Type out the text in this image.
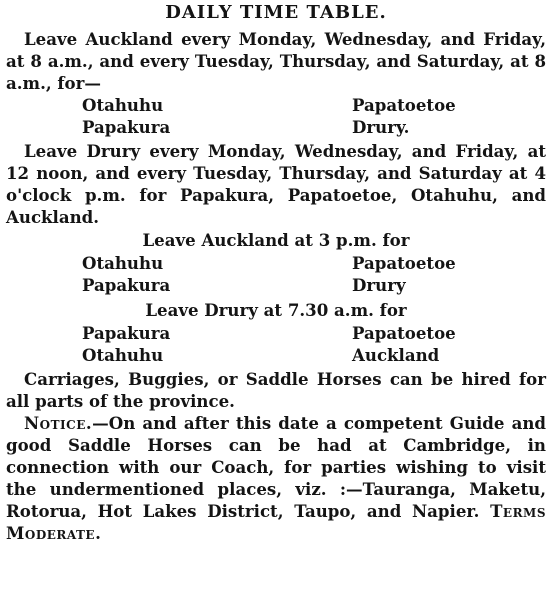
DAILY TIME TABLE.

Leave Auckland every Monday, Wednesday, and Friday, at 8 a.m., and every Tuesday, Thursday, and Saturday, at 8 a.m., for—

Otahuhu	Papatoetoe
Papakura	Drury.

Leave Drury every Monday, Wednesday, and Friday, at 12 noon, and every Tuesday, Thursday, and Saturday at 4 o'clock p.m. for Papakura, Papatoetoe, Otahuhu, and Auckland.

Leave Auckland at 3 p.m. for
Otahuhu	Papatoetoe
Papakura	Drury
Leave Drury at 7.30 a.m. for
Papakura	Papatoetoe
Otahuhu	Auckland

Carriages, Buggies, or Saddle Horses can be hired for all parts of the province.

Notice.—On and after this date a competent Guide and good Saddle Horses can be had at Cambridge, in connection with our Coach, for parties wishing to visit the undermentioned places, viz. :—Tauranga, Maketu, Rotorua, Hot Lakes District, Taupo, and Napier. Terms Moderate.
